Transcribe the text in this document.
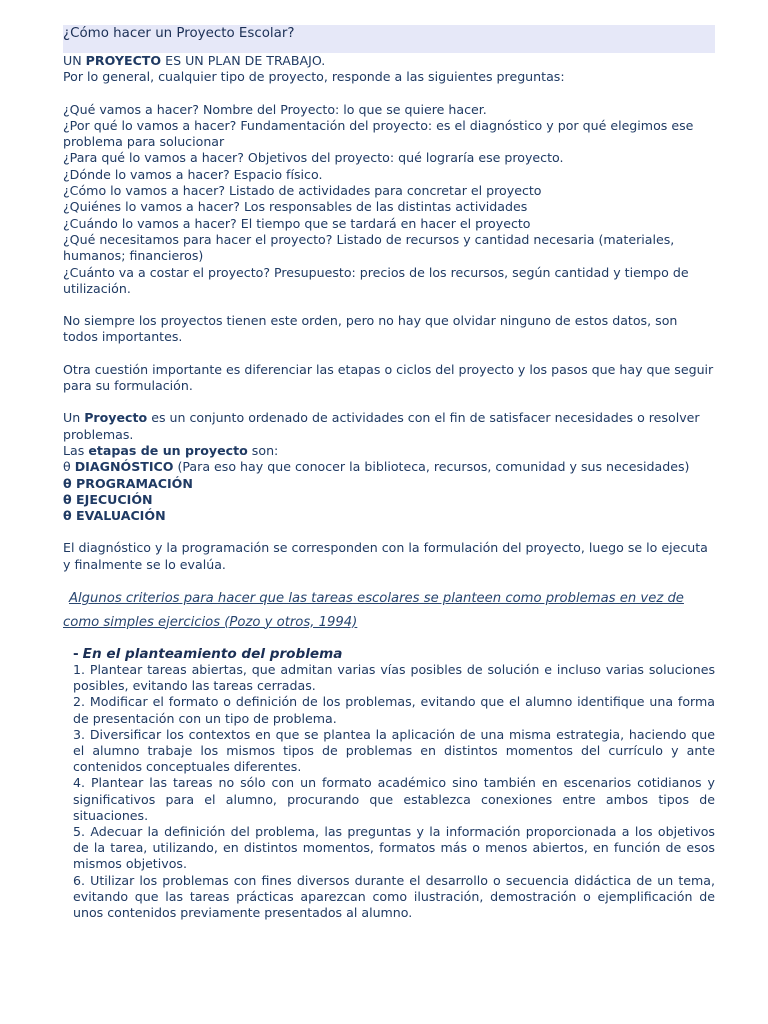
¿Cómo hacer un Proyecto Escolar?

UN PROYECTO ES UN PLAN DE TRABAJO.

Por lo general, cualquier tipo de proyecto, responde a las siguientes preguntas:

¿Qué vamos a hacer? Nombre del Proyecto: lo que se quiere hacer.

¿Por qué lo vamos a hacer? Fundamentación del proyecto: es el diagnóstico y por qué elegimos ese problema para solucionar

¿Para qué lo vamos a hacer? Objetivos del proyecto: qué lograría ese proyecto.

¿Dónde lo vamos a hacer? Espacio físico.

¿Cómo lo vamos a hacer? Listado de actividades para concretar el proyecto

¿Quiénes lo vamos a hacer? Los responsables de las distintas actividades

¿Cuándo lo vamos a hacer? El tiempo que se tardará en hacer el proyecto

¿Qué necesitamos para hacer el proyecto? Listado de recursos y cantidad necesaria (materiales, humanos; financieros)

¿Cuánto va a costar el proyecto? Presupuesto: precios de los recursos, según cantidad y tiempo de utilización.

No siempre los proyectos tienen este orden, pero no hay que olvidar ninguno de estos datos, son todos importantes.

Otra cuestión importante es diferenciar las etapas o ciclos del proyecto y los pasos que hay que seguir para su formulación.

Un Proyecto es un conjunto ordenado de actividades con el fin de satisfacer necesidades o resolver problemas.

Las etapas de un proyecto son:

θ DIAGNÓSTICO (Para eso hay que conocer la biblioteca, recursos, comunidad y sus necesidades)

θ PROGRAMACIÓN

θ EJECUCIÓN

θ EVALUACIÓN

El diagnóstico y la programación se corresponden con la formulación del proyecto, luego se lo ejecuta y finalmente se lo evalúa.

Algunos criterios para hacer que las tareas escolares se planteen como problemas en vez de como simples ejercicios (Pozo y otros, 1994)
- En el planteamiento del problema

1. Plantear tareas abiertas, que admitan varias vías posibles de solución e incluso varias soluciones posibles, evitando las tareas cerradas.

2. Modificar el formato o definición de los problemas, evitando que el alumno identifique una forma de presentación con un tipo de problema.

3. Diversificar los contextos en que se plantea la aplicación de una misma estrategia, haciendo que el alumno trabaje los mismos tipos de problemas en distintos momentos del currículo y ante contenidos conceptuales diferentes.

4. Plantear las tareas no sólo con un formato académico sino también en escenarios cotidianos y significativos para el alumno, procurando que establezca conexiones entre ambos tipos de situaciones.

5. Adecuar la definición del problema, las preguntas y la información proporcionada a los objetivos de la tarea, utilizando, en distintos momentos, formatos más o menos abiertos, en función de esos mismos objetivos.

6. Utilizar los problemas con fines diversos durante el desarrollo o secuencia didáctica de un tema, evitando que las tareas prácticas aparezcan como ilustración, demostración o ejemplificación de unos contenidos previamente presentados al alumno.
